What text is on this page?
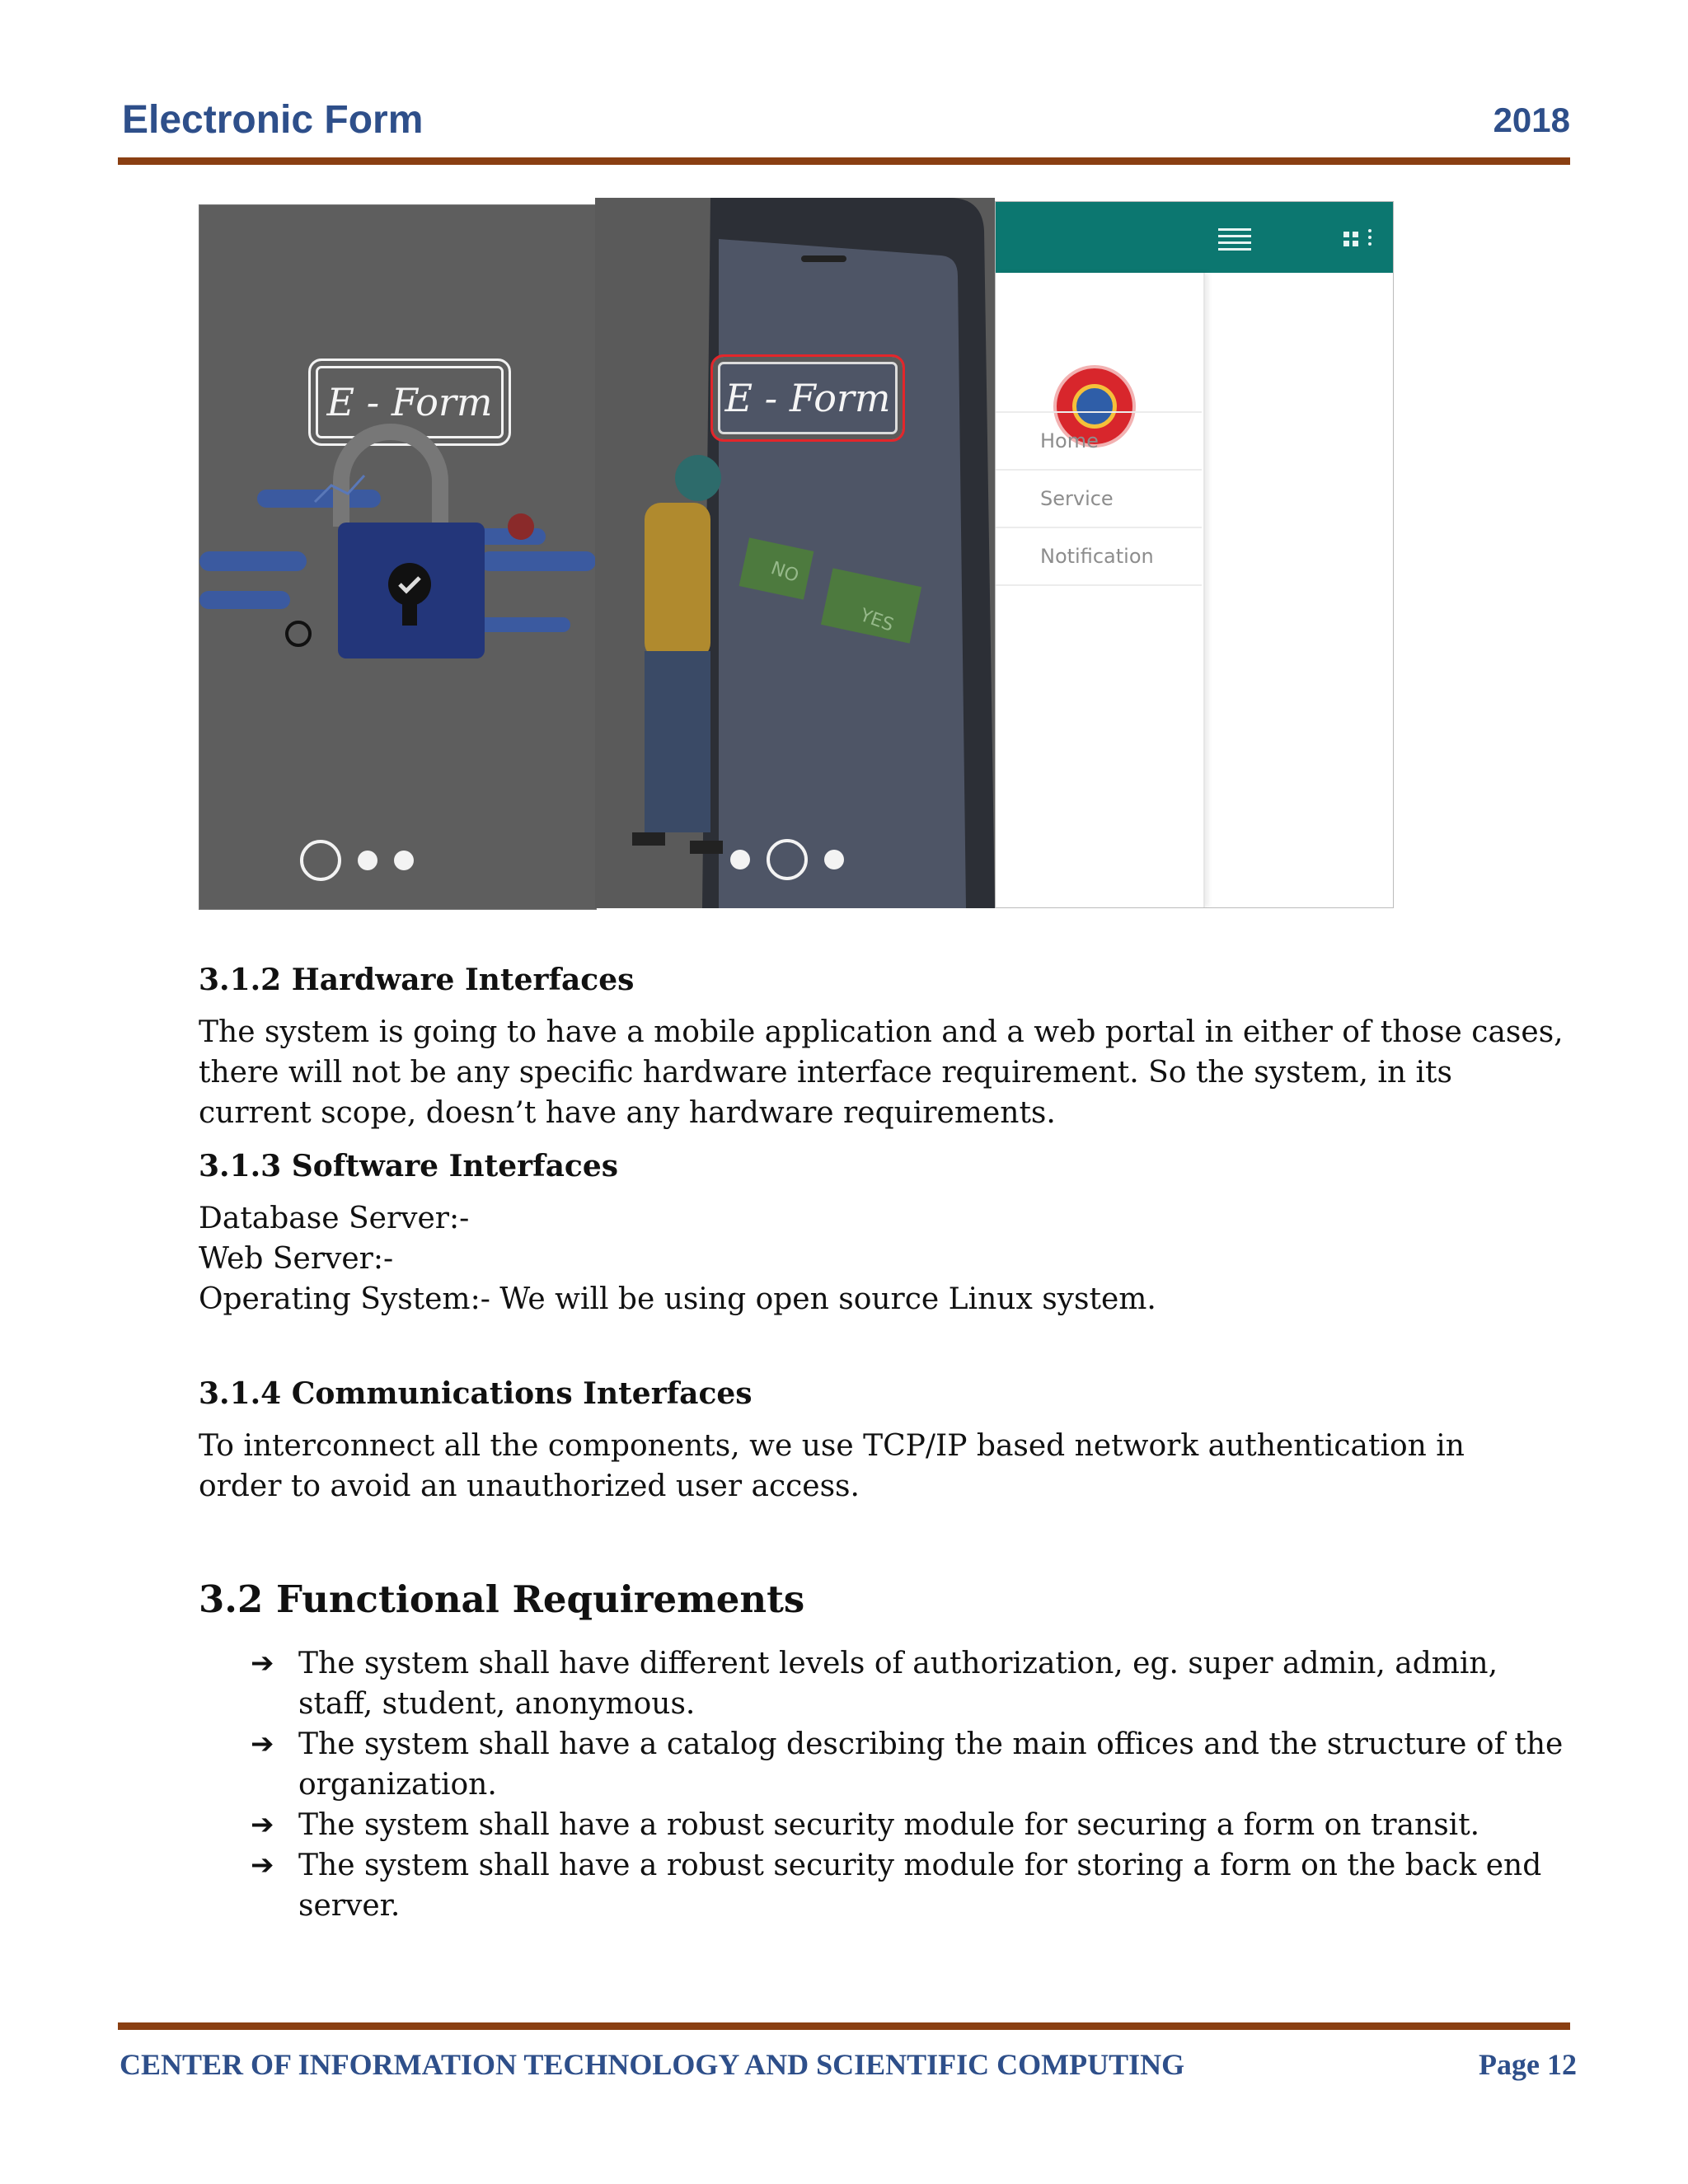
Electronic Form	2018
E - Form
NO
YES
E - Form
Home
Service
Notification
3.1.2 Hardware Interfaces
The system is going to have a mobile application and a web portal in either of those cases,
there will not be any specific hardware interface requirement. So the system, in its
current scope, doesn’t have any hardware requirements.
3.1.3 Software Interfaces
Database Server:-
Web Server:-
Operating System:- We will be using open source Linux system.
3.1.4 Communications Interfaces
To interconnect all the components, we use TCP/IP based network authentication in
order to avoid an unauthorized user access.
3.2 Functional Requirements
➔ The system shall have different levels of authorization, eg. super admin, admin,
staff, student, anonymous.
➔ The system shall have a catalog describing the main offices and the structure of the
organization.
➔ The system shall have a robust security module for securing a form on transit.
➔ The system shall have a robust security module for storing a form on the back end
server.
CENTER OF INFORMATION TECHNOLOGY AND SCIENTIFIC COMPUTING	Page 12
